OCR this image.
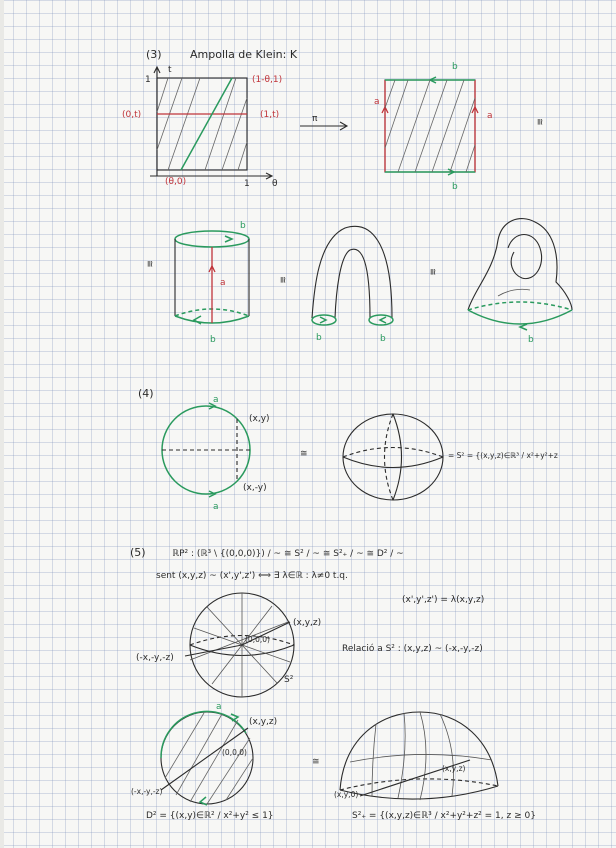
(3)	Ampolla de Klein: K
t
θ
1
1
(1-θ,1)
(0,t)	(1,t)
(θ,0)
π
a
a
b
b
≅
≅
b
a
b
≅
b	b
≅
b
(4)	a
a
(x,y)
(x,-y)
≅	= S² = {(x,y,z)∈ℝ³ / x²+y²+z
(5)	ℝP² : (ℝ³ \ {(0,0,0)}) / ~ ≅ S² / ~ ≅ S²₊ / ~ ≅ D² / ~
sent (x,y,z) ~ (x',y',z') ⟺ ∃ λ∈ℝ : λ≠0 t.q.
(x',y',z') = λ(x,y,z)
(x,y,z)
(0,0,0)
(-x,-y,-z)
S²
Relació a S² : (x,y,z) ~ (-x,-y,-z)
a
(x,y,z)
(0,0,0)
(-x,-y,-z)
D² = {(x,y)∈ℝ² / x²+y² ≤ 1}
≅
(x,y,0)
(x,y,z)
S²₊ = {(x,y,z)∈ℝ³ / x²+y²+z² = 1, z ≥ 0}
